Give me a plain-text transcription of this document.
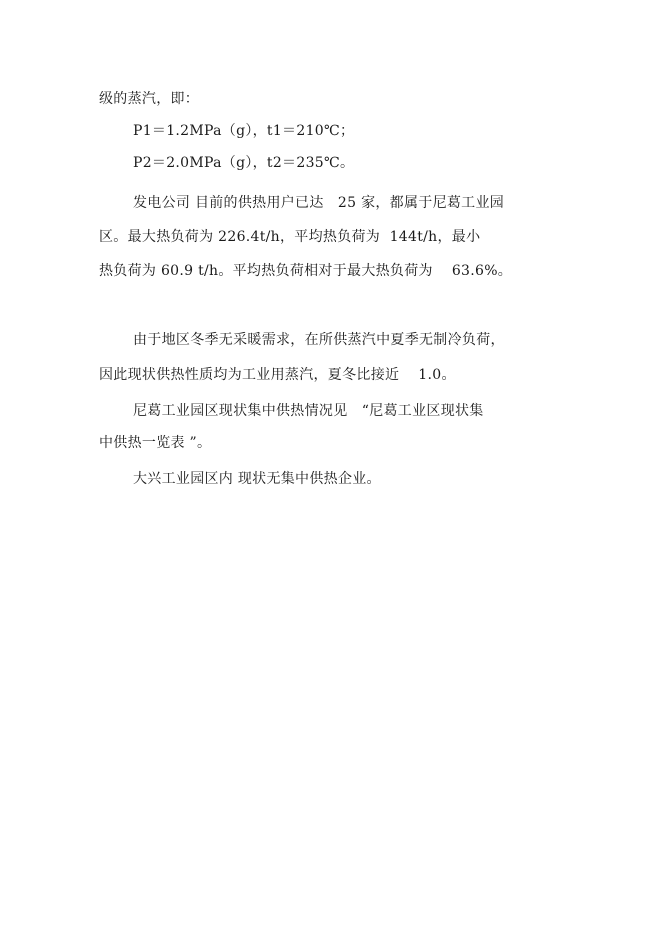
级的蒸汽，即：
P1＝1.2MPa（g），t1＝210℃；
P2＝2.0MPa（g），t2＝235℃。
发电公司 目前的供热用户已达   25 家，都属于尼葛工业园
区。最大热负荷为 226.4t/h，平均热负荷为  144t/h，最小
热负荷为 60.9 t/h。平均热负荷相对于最大热负荷为    63.6%。
由于地区冬季无采暖需求，在所供蒸汽中夏季无制冷负荷，
因此现状供热性质均为工业用蒸汽，夏冬比接近    1.0。
尼葛工业园区现状集中供热情况见   “尼葛工业区现状集
中供热一览表 ”。
大兴工业园区内 现状无集中供热企业。
